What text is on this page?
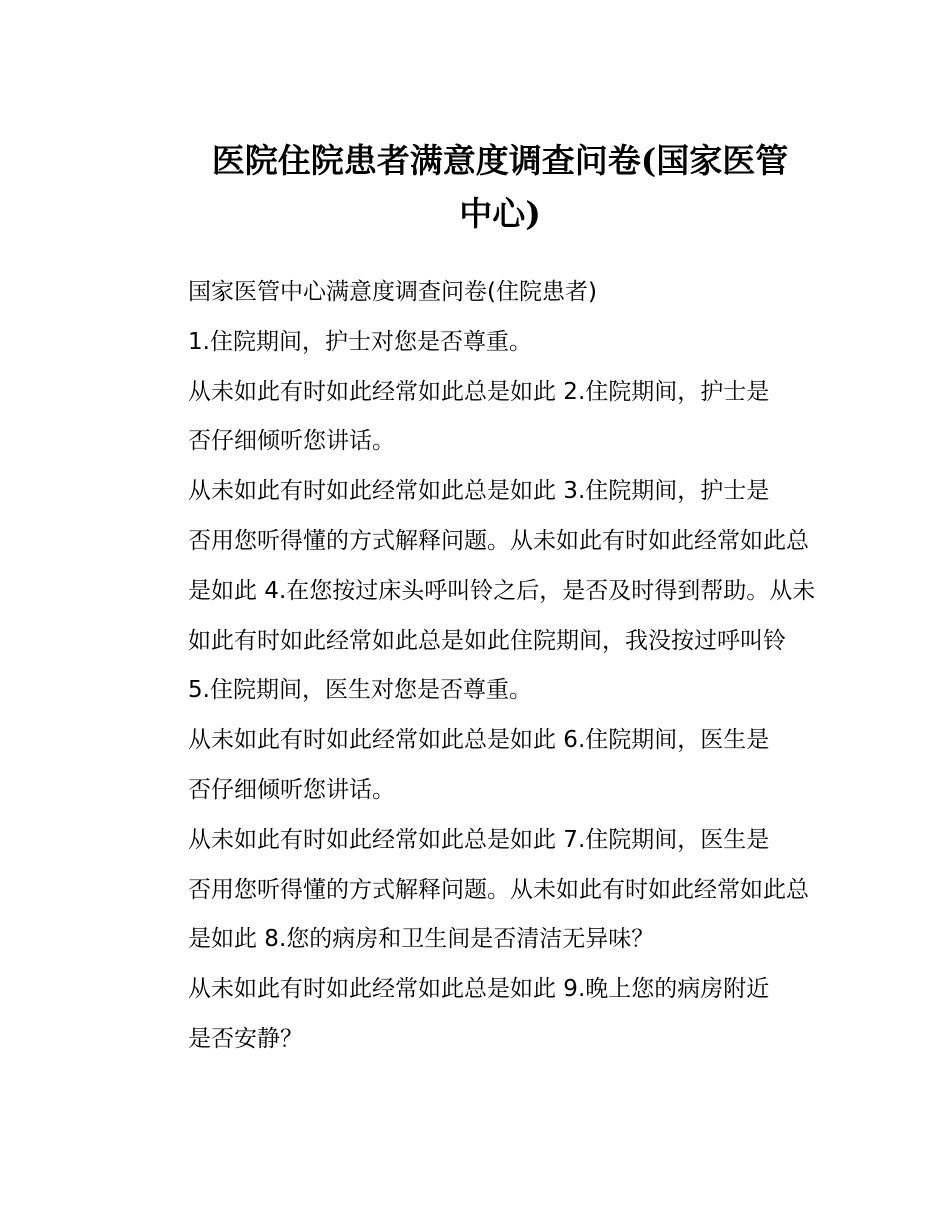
医院住院患者满意度调查问卷(国家医管
中心)

国家医管中心满意度调查问卷(住院患者)

1.住院期间，护士对您是否尊重。

从未如此有时如此经常如此总是如此 2.住院期间，护士是
否仔细倾听您讲话。

从未如此有时如此经常如此总是如此 3.住院期间，护士是
否用您听得懂的方式解释问题。从未如此有时如此经常如此总
是如此 4.在您按过床头呼叫铃之后，是否及时得到帮助。从未
如此有时如此经常如此总是如此住院期间，我没按过呼叫铃

5.住院期间，医生对您是否尊重。

从未如此有时如此经常如此总是如此 6.住院期间，医生是
否仔细倾听您讲话。

从未如此有时如此经常如此总是如此 7.住院期间，医生是
否用您听得懂的方式解释问题。从未如此有时如此经常如此总
是如此 8.您的病房和卫生间是否清洁无异味？

从未如此有时如此经常如此总是如此 9.晚上您的病房附近
是否安静？
